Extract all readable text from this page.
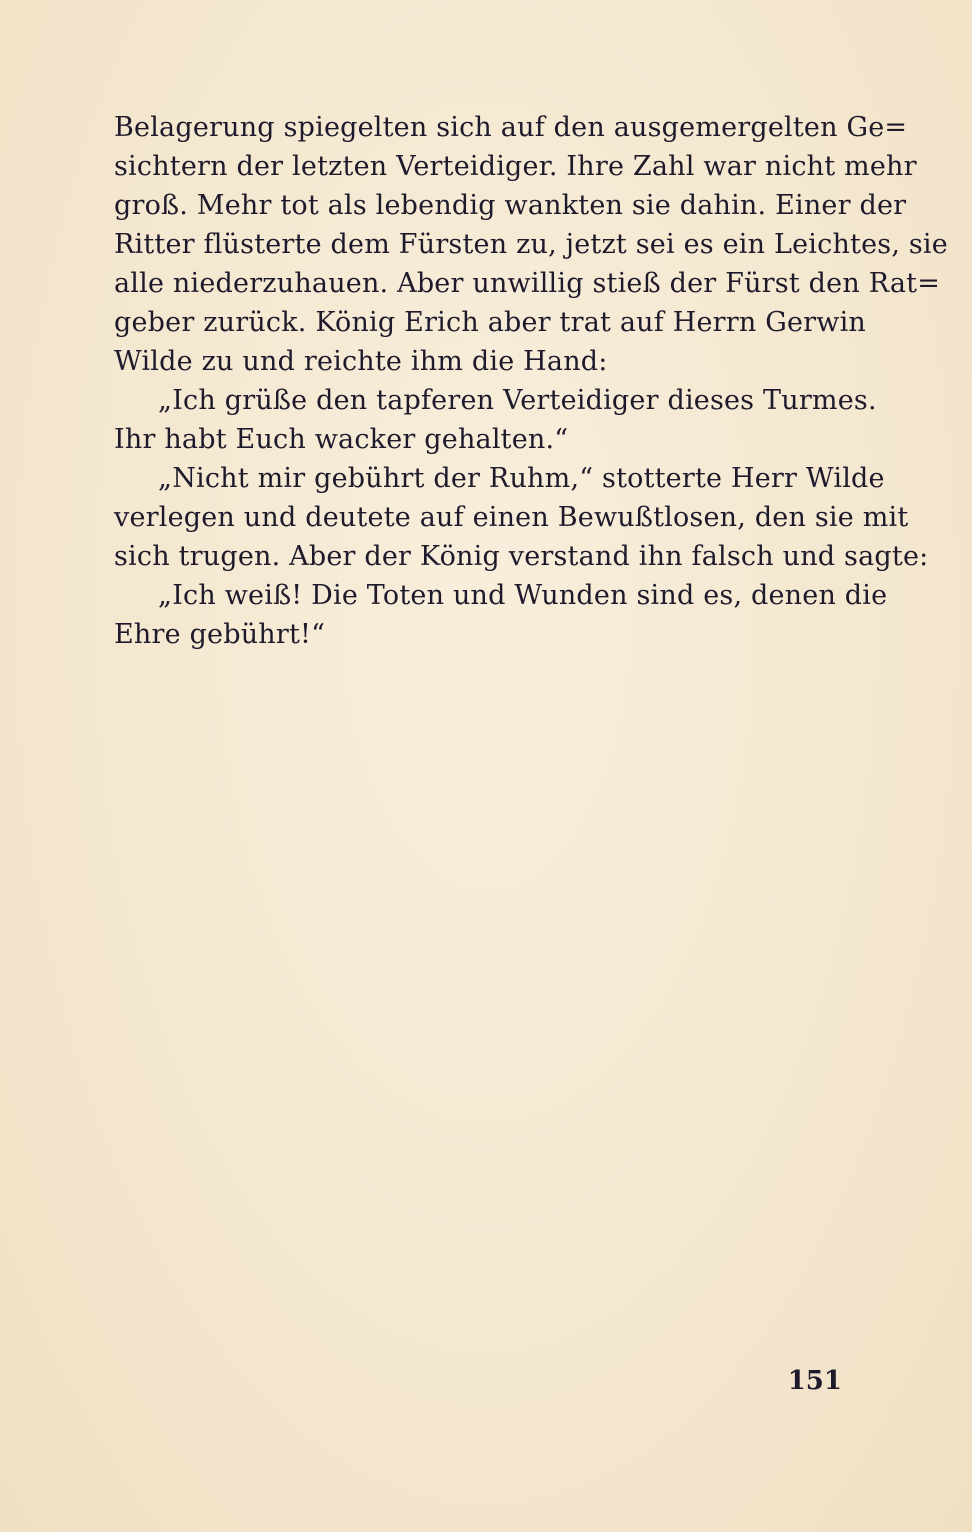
Belagerung spiegelten sich auf den ausgemergelten Ge=
sichtern der letzten Verteidiger. Ihre Zahl war nicht mehr
groß. Mehr tot als lebendig wankten sie dahin. Einer der
Ritter flüsterte dem Fürsten zu, jetzt sei es ein Leichtes, sie
alle niederzuhauen. Aber unwillig stieß der Fürst den Rat=
geber zurück. König Erich aber trat auf Herrn Gerwin
Wilde zu und reichte ihm die Hand:
„Ich grüße den tapferen Verteidiger dieses Turmes.
Ihr habt Euch wacker gehalten.“
„Nicht mir gebührt der Ruhm,“ stotterte Herr Wilde
verlegen und deutete auf einen Bewußtlosen, den sie mit
sich trugen. Aber der König verstand ihn falsch und sagte:
„Ich weiß! Die Toten und Wunden sind es, denen die
Ehre gebührt!“
151
